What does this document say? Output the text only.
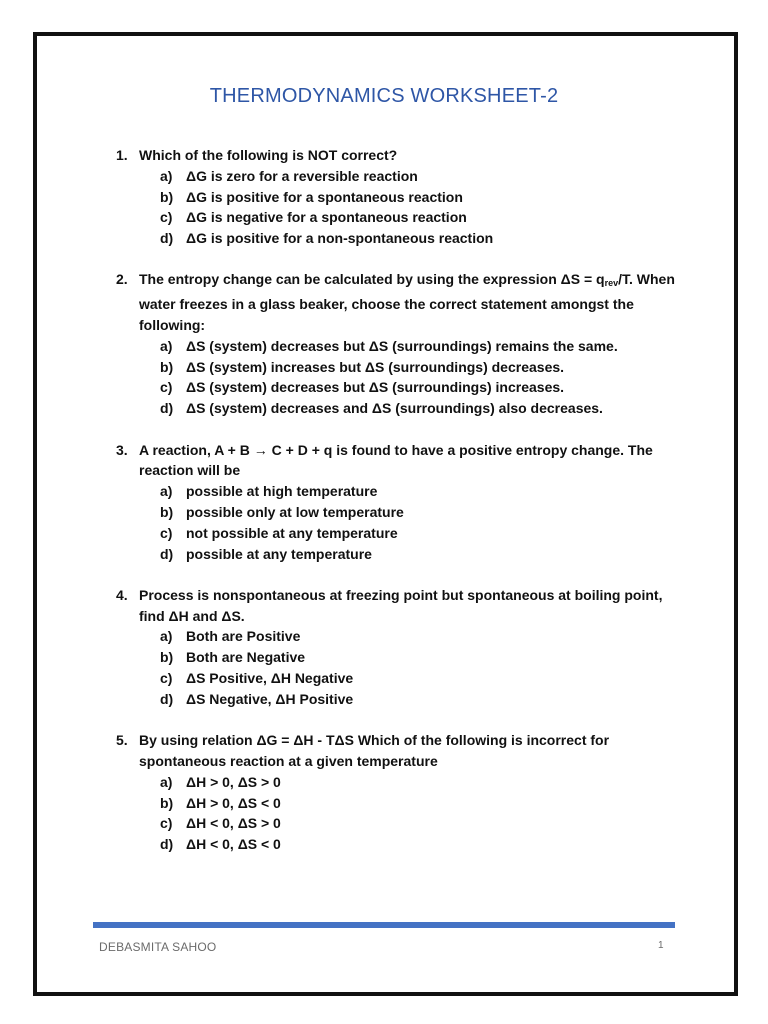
THERMODYNAMICS WORKSHEET-2
1. Which of the following is NOT correct?
a) ΔG is zero for a reversible reaction
b) ΔG is positive for a spontaneous reaction
c) ΔG is negative for a spontaneous reaction
d) ΔG is positive for a non-spontaneous reaction
2. The entropy change can be calculated by using the expression $\Delta S = q_{rev}/T$. When water freezes in a glass beaker, choose the correct statement amongst the following:
a) ΔS (system) decreases but ΔS (surroundings) remains the same.
b) ΔS (system) increases but ΔS (surroundings) decreases.
c) ΔS (system) decreases but ΔS (surroundings) increases.
d) ΔS (system) decreases and ΔS (surroundings) also decreases.
3. A reaction, A + B → C + D + q is found to have a positive entropy change. The reaction will be
a) possible at high temperature
b) possible only at low temperature
c) not possible at any temperature
d) possible at any temperature
4. Process is nonspontaneous at freezing point but spontaneous at boiling point, find ΔH and ΔS.
a) Both are Positive
b) Both are Negative
c) ΔS Positive, ΔH Negative
d) ΔS Negative, ΔH Positive
5. By using relation ΔG = ΔH - TΔS Which of the following is incorrect for spontaneous reaction at a given temperature
a) ΔH > 0, ΔS > 0
b) ΔH > 0, ΔS < 0
c) ΔH < 0, ΔS > 0
d) ΔH < 0, ΔS < 0
DEBASMITA SAHOO	1
